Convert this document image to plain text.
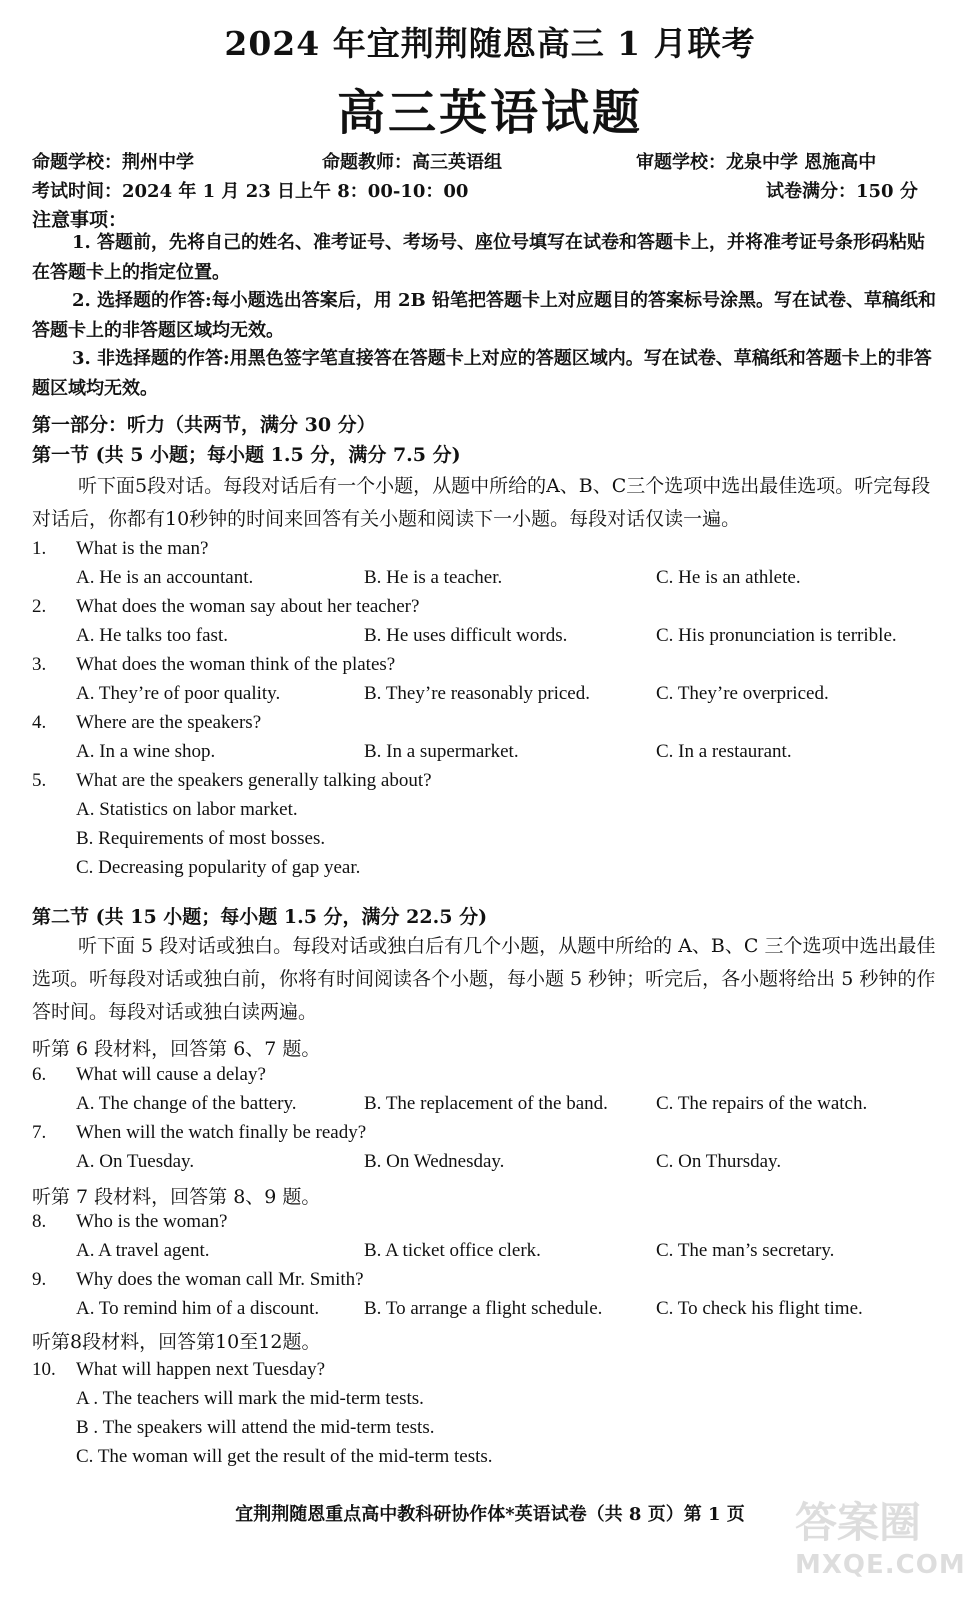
2024 年宜荆荆随恩高三 1 月联考
高三英语试题
命题学校：荆州中学	命题教师：高三英语组	审题学校：龙泉中学 恩施高中
考试时间：2024 年 1 月 23 日上午 8：00-10：00	试卷满分：150 分
注意事项：
1. 答题前，先将自己的姓名、准考证号、考场号、座位号填写在试卷和答题卡上，并将准考证号条形码粘贴在答题卡上的指定位置。
2. 选择题的作答:每小题选出答案后，用 2B 铅笔把答题卡上对应题目的答案标号涂黑。写在试卷、草稿纸和答题卡上的非答题区域均无效。
3. 非选择题的作答:用黑色签字笔直接答在答题卡上对应的答题区域内。写在试卷、草稿纸和答题卡上的非答题区域均无效。
第一部分：听力（共两节，满分 30 分）
第一节 (共 5 小题；每小题 1.5 分，满分 7.5 分)
听下面5段对话。每段对话后有一个小题，从题中所给的A、B、C三个选项中选出最佳选项。听完每段对话后，你都有10秒钟的时间来回答有关小题和阅读下一小题。每段对话仅读一遍。
1. What is the man?
A. He is an accountant.	B. He is a teacher.	C. He is an athlete.
2. What does the woman say about her teacher?
A. He talks too fast.	B. He uses difficult words.	C. His pronunciation is terrible.
3. What does the woman think of the plates?
A. They’re of poor quality.	B. They’re reasonably priced.	C. They’re overpriced.
4. Where are the speakers?
A. In a wine shop.	B. In a supermarket.	C. In a restaurant.
5. What are the speakers generally talking about?
A. Statistics on labor market.
B. Requirements of most bosses.
C. Decreasing popularity of gap year.
第二节 (共 15 小题；每小题 1.5 分，满分 22.5 分)
听下面 5 段对话或独白。每段对话或独白后有几个小题，从题中所给的 A、B、C 三个选项中选出最佳选项。听每段对话或独白前，你将有时间阅读各个小题，每小题 5 秒钟；听完后，各小题将给出 5 秒钟的作答时间。每段对话或独白读两遍。
听第 6 段材料，回答第 6、7 题。
6. What will cause a delay?
A. The change of the battery.	B. The replacement of the band.	C. The repairs of the watch.
7. When will the watch finally be ready?
A. On Tuesday.	B. On Wednesday.	C. On Thursday.
听第 7 段材料，回答第 8、9 题。
8. Who is the woman?
A. A travel agent.	B. A ticket office clerk.	C. The man’s secretary.
9. Why does the woman call Mr. Smith?
A. To remind him of a discount. B. To arrange a flight schedule.	C. To check his flight time.
听第8段材料，回答第10至12题。
10. What will happen next Tuesday?
A . The teachers will mark the mid-term tests.
B . The speakers will attend the mid-term tests.
C. The woman will get the result of the mid-term tests.
宜荆荆随恩重点高中教科研协作体*英语试卷（共 8 页）第 1 页	答案圈
MXQE.COM
